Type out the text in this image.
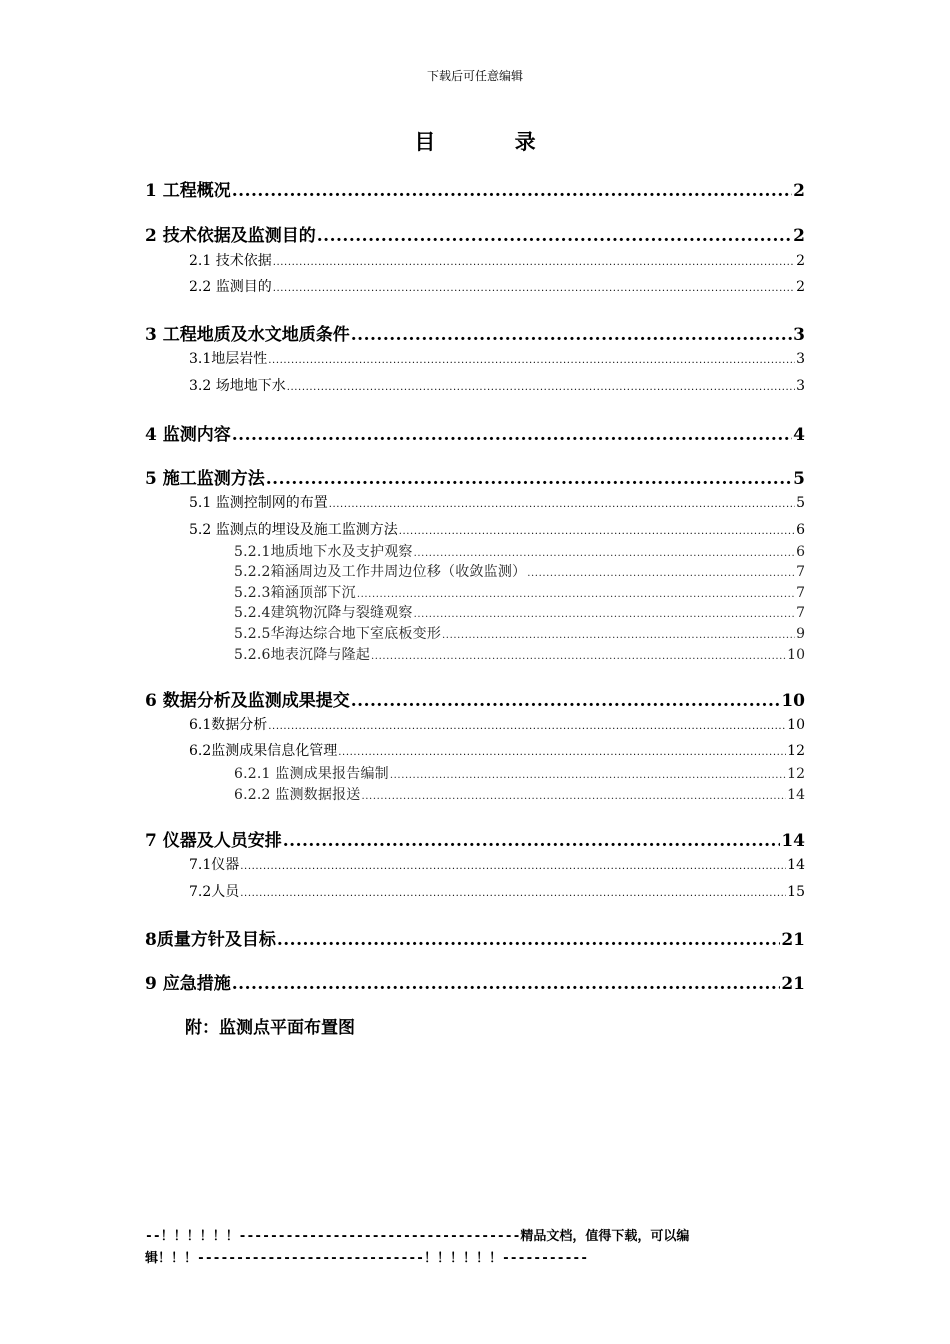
下载后可任意编辑
目 录
1 工程概况 .....	2
2 技术依据及监测目的 .....	2
2.1 技术依据 .....	2
2.2 监测目的 .....	2
3 工程地质及水文地质条件 .....	3
3.1地层岩性 .....	3
3.2 场地地下水 .....	3
4 监测内容 .....	4
5 施工监测方法 .....	5
5.1 监测控制网的布置 .....	5
5.2 监测点的埋设及施工监测方法 .....	6
5.2.1地质地下水及支护观察 .....	6
5.2.2箱涵周边及工作井周边位移（收敛监测） .....	7
5.2.3箱涵顶部下沉 .....	7
5.2.4建筑物沉降与裂缝观察 .....	7
5.2.5华海达综合地下室底板变形 .....	9
5.2.6地表沉降与隆起 .....	10
6 数据分析及监测成果提交 .....	10
6.1数据分析 .....	10
6.2监测成果信息化管理 .....	12
6.2.1 监测成果报告编制 .....	12
6.2.2 监测数据报送 .....	14
7 仪器及人员安排 .....	14
7.1仪器 .....	14
7.2人员 .....	15
8质量方针及目标 .....	21
9 应急措施 .....	21
附：监测点平面布置图
--！！！！！！------------------------------------精品文档，值得下载，可以编
辑！！！-----------------------------！！！！！！-----------
